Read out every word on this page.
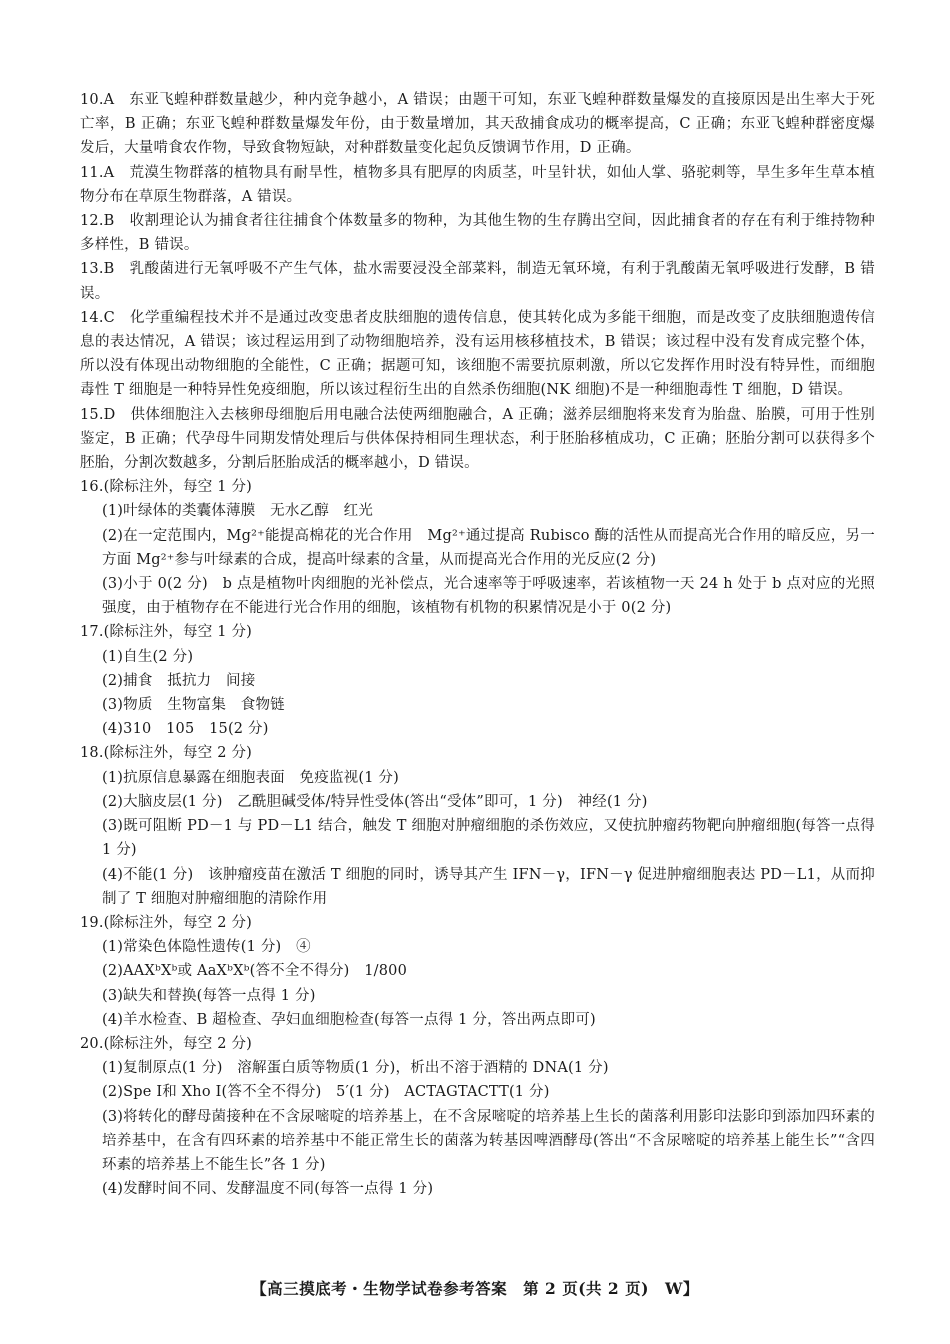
10.A　东亚飞蝗种群数量越少，种内竞争越小，A 错误；由题干可知，东亚飞蝗种群数量爆发的直接原因是出生率大于死亡率，B 正确；东亚飞蝗种群数量爆发年份，由于数量增加，其天敌捕食成功的概率提高，C 正确；东亚飞蝗种群密度爆发后，大量啃食农作物，导致食物短缺，对种群数量变化起负反馈调节作用，D 正确。

11.A　荒漠生物群落的植物具有耐旱性，植物多具有肥厚的肉质茎，叶呈针状，如仙人掌、骆驼刺等，旱生多年生草本植物分布在草原生物群落，A 错误。

12.B　收割理论认为捕食者往往捕食个体数量多的物种，为其他生物的生存腾出空间，因此捕食者的存在有利于维持物种多样性，B 错误。

13.B　乳酸菌进行无氧呼吸不产生气体，盐水需要浸没全部菜料，制造无氧环境，有利于乳酸菌无氧呼吸进行发酵，B 错误。

14.C　化学重编程技术并不是通过改变患者皮肤细胞的遗传信息，使其转化成为多能干细胞，而是改变了皮肤细胞遗传信息的表达情况，A 错误；该过程运用到了动物细胞培养，没有运用核移植技术，B 错误；该过程中没有发育成完整个体，所以没有体现出动物细胞的全能性，C 正确；据题可知，该细胞不需要抗原刺激，所以它发挥作用时没有特异性，而细胞毒性 T 细胞是一种特异性免疫细胞，所以该过程衍生出的自然杀伤细胞(NK 细胞)不是一种细胞毒性 T 细胞，D 错误。

15.D　供体细胞注入去核卵母细胞后用电融合法使两细胞融合，A 正确；滋养层细胞将来发育为胎盘、胎膜，可用于性别鉴定，B 正确；代孕母牛同期发情处理后与供体保持相同生理状态，利于胚胎移植成功，C 正确；胚胎分割可以获得多个胚胎，分割次数越多，分割后胚胎成活的概率越小，D 错误。

16.(除标注外，每空 1 分)

(1)叶绿体的类囊体薄膜　无水乙醇　红光

(2)在一定范围内，Mg²⁺能提高棉花的光合作用　Mg²⁺通过提高 Rubisco 酶的活性从而提高光合作用的暗反应，另一方面 Mg²⁺参与叶绿素的合成，提高叶绿素的含量，从而提高光合作用的光反应(2 分)

(3)小于 0(2 分)　b 点是植物叶肉细胞的光补偿点，光合速率等于呼吸速率，若该植物一天 24 h 处于 b 点对应的光照强度，由于植物存在不能进行光合作用的细胞，该植物有机物的积累情况是小于 0(2 分)

17.(除标注外，每空 1 分)

(1)自生(2 分)

(2)捕食　抵抗力　间接

(3)物质　生物富集　食物链

(4)310　105　15(2 分)

18.(除标注外，每空 2 分)

(1)抗原信息暴露在细胞表面　免疫监视(1 分)

(2)大脑皮层(1 分)　乙酰胆碱受体/特异性受体(答出“受体”即可，1 分)　神经(1 分)

(3)既可阻断 PD－1 与 PD－L1 结合，触发 T 细胞对肿瘤细胞的杀伤效应，又使抗肿瘤药物靶向肿瘤细胞(每答一点得 1 分)

(4)不能(1 分)　该肿瘤疫苗在激活 T 细胞的同时，诱导其产生 IFN－γ，IFN－γ 促进肿瘤细胞表达 PD－L1，从而抑制了 T 细胞对肿瘤细胞的清除作用

19.(除标注外，每空 2 分)

(1)常染色体隐性遗传(1 分)　④

(2)AAXᵇXᵇ或 AaXᵇXᵇ(答不全不得分)　1/800

(3)缺失和替换(每答一点得 1 分)

(4)羊水检查、B 超检查、孕妇血细胞检查(每答一点得 1 分，答出两点即可)

20.(除标注外，每空 2 分)

(1)复制原点(1 分)　溶解蛋白质等物质(1 分)，析出不溶于酒精的 DNA(1 分)

(2)Spe Ⅰ和 Xho Ⅰ(答不全不得分)　5′(1 分)　ACTAGTACTT(1 分)

(3)将转化的酵母菌接种在不含尿嘧啶的培养基上，在不含尿嘧啶的培养基上生长的菌落利用影印法影印到添加四环素的培养基中，在含有四环素的培养基中不能正常生长的菌落为转基因啤酒酵母(答出“不含尿嘧啶的培养基上能生长”“含四环素的培养基上不能生长”各 1 分)

(4)发酵时间不同、发酵温度不同(每答一点得 1 分)

【高三摸底考・生物学试卷参考答案　第 2 页(共 2 页)　W】
